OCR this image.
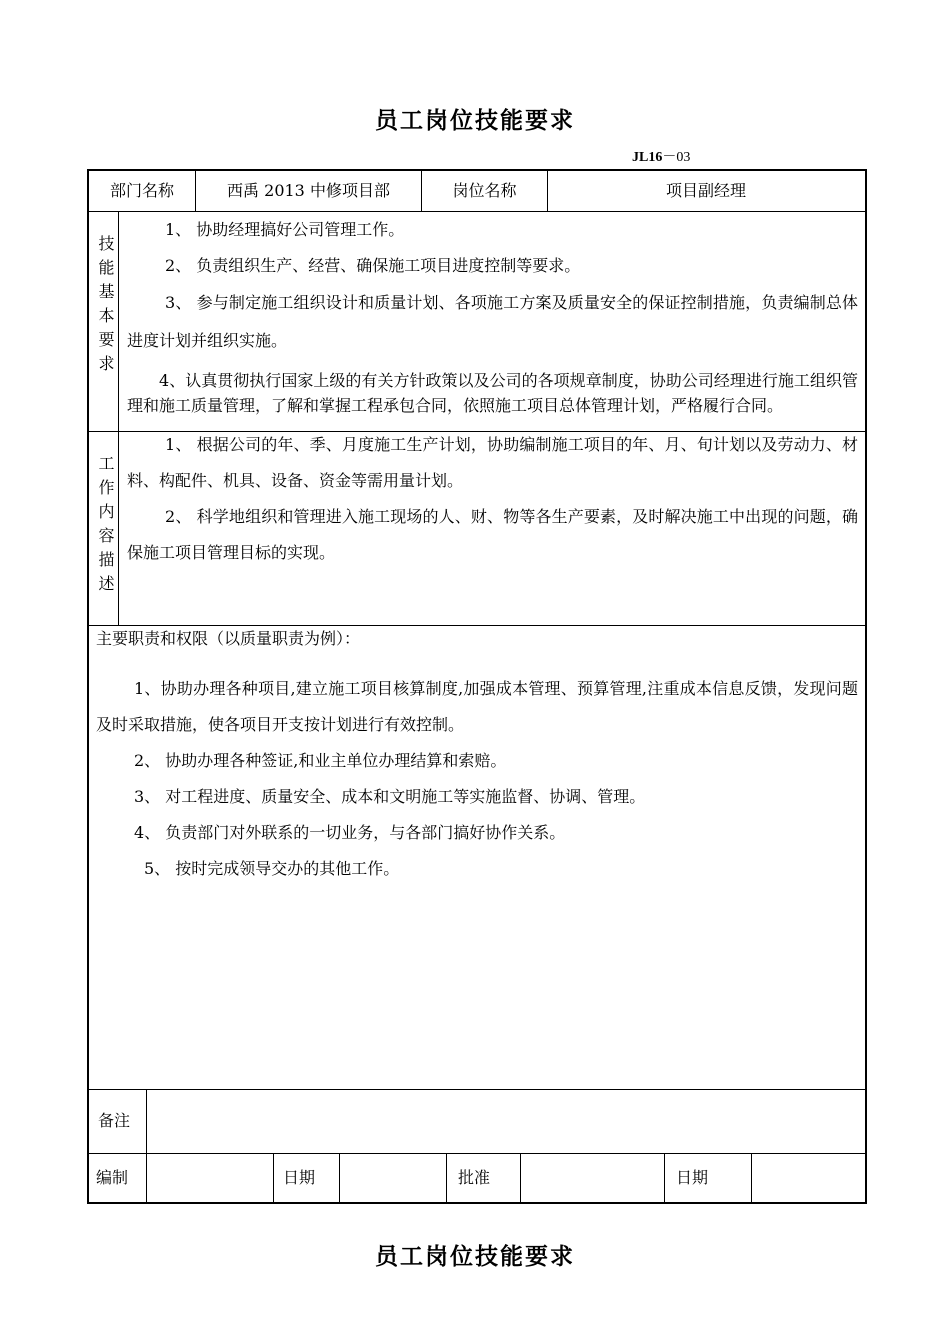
员工岗位技能要求
JL16－03
部门名称	西禹 2013 中修项目部	岗位名称	项目副经理
技能基本要求

1、 协助经理搞好公司管理工作。

2、 负责组织生产、经营、确保施工项目进度控制等要求。

3、 参与制定施工组织设计和质量计划、各项施工方案及质量安全的保证控制措施，负责编制总体进度计划并组织实施。

4、认真贯彻执行国家上级的有关方针政策以及公司的各项规章制度，协助公司经理进行施工组织管理和施工质量管理，了解和掌握工程承包合同，依照施工项目总体管理计划，严格履行合同。

工作内容描述

1、 根据公司的年、季、月度施工生产计划，协助编制施工项目的年、月、旬计划以及劳动力、材料、构配件、机具、设备、资金等需用量计划。

2、 科学地组织和管理进入施工现场的人、财、物等各生产要素，及时解决施工中出现的问题，确保施工项目管理目标的实现。

主要职责和权限（以质量职责为例）：

1、协助办理各种项目,建立施工项目核算制度,加强成本管理、预算管理,注重成本信息反馈，发现问题及时采取措施，使各项目开支按计划进行有效控制。

2、 协助办理各种签证,和业主单位办理结算和索赔。

3、 对工程进度、质量安全、成本和文明施工等实施监督、协调、管理。

4、 负责部门对外联系的一切业务，与各部门搞好协作关系。

5、 按时完成领导交办的其他工作。

备注
编制	日期	批准	日期
员工岗位技能要求
